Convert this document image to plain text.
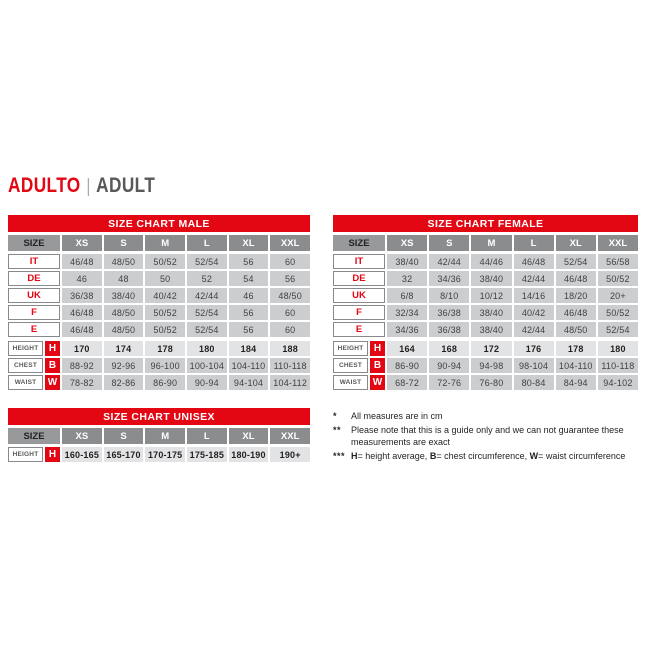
ADULTO | ADULT
SIZE CHART MALE
SIZE	XS	S	M	L	XL	XXL
IT	46/48	48/50	50/52	52/54	56	60
DE	46	48	50	52	54	56
UK	36/38	38/40	40/42	42/44	46	48/50
F	46/48	48/50	50/52	52/54	56	60
E	46/48	48/50	50/52	52/54	56	60
HEIGHT	H	170	174	178	180	184	188
CHEST	B	88-92	92-96	96-100	100-104 104-110 110-118
WAIST	W	78-82	82-86	86-90	90-94	94-104	104-112
SIZE CHART FEMALE
SIZE	XS	S	M	L	XL	XXL
IT	38/40	42/44	44/46	46/48	52/54	56/58
DE	32	34/36	38/40	42/44	46/48	50/52
UK	6/8	8/10	10/12	14/16	18/20	20+
F	32/34	36/38	38/40	40/42	46/48	50/52
E	34/36	36/38	38/40	42/44	48/50	52/54
HEIGHT	H	164	168	172	176	178	180
CHEST	B	86-90	90-94	94-98	98-104	104-110 110-118
WAIST	W	68-72	72-76	76-80	80-84	84-94	94-102
SIZE CHART UNISEX
SIZE	XS	S	M	L	XL	XXL
HEIGHT	H 160-165 165-170 170-175 175-185 180-190	190+
*	All measures are in cm
**	Please note that this is a guide only and we can not guarantee these measurements are exact
*** H= height average, B= chest circumference, W= waist circumference
